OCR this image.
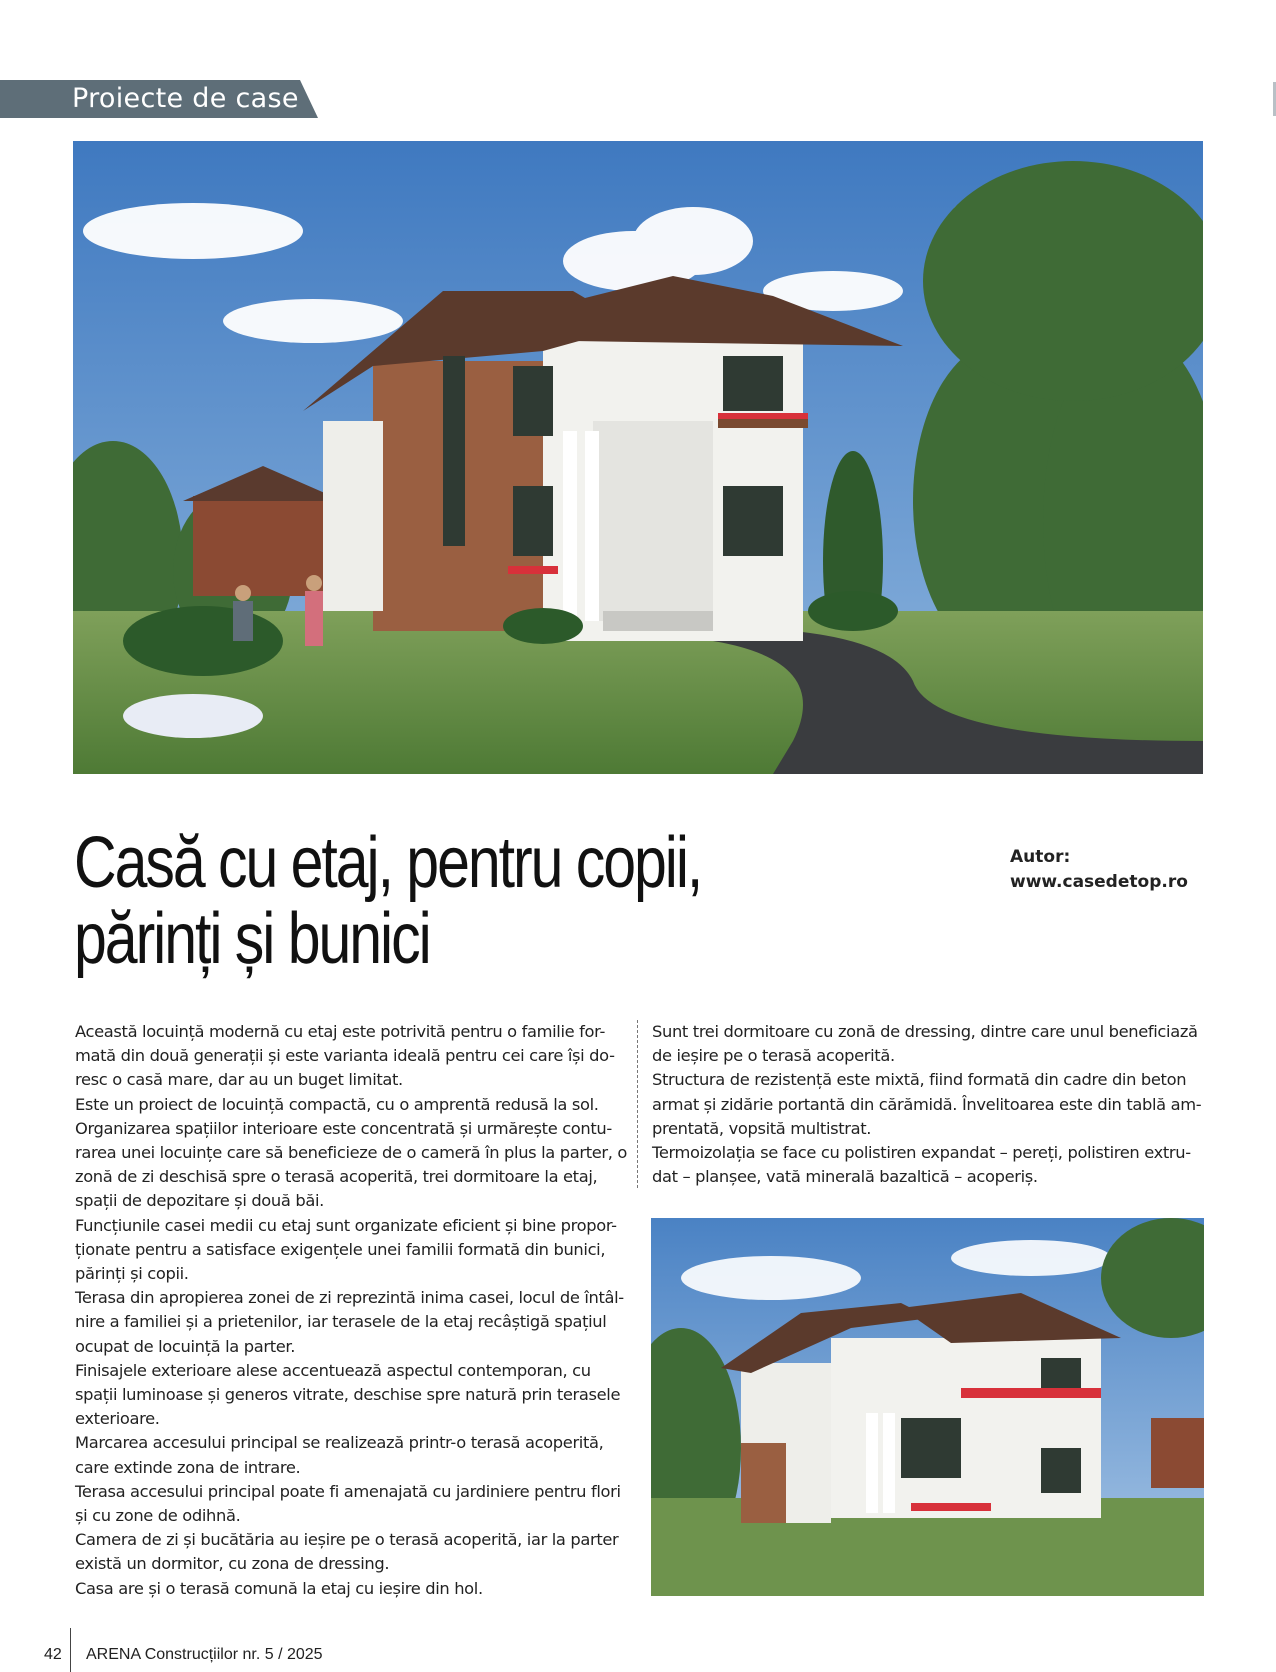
Proiecte de case
Casă cu etaj, pentru copii,
părinți și bunici
Autor:
www.casedetop.ro

Această locuință modernă cu etaj este potrivită pentru o familie for-

mată din două generații și este varianta ideală pentru cei care își do-

resc o casă mare, dar au un buget limitat.

Este un proiect de locuință compactă, cu o amprentă redusă la sol.

Organizarea spațiilor interioare este concentrată și urmărește contu-

rarea unei locuințe care să beneficieze de o cameră în plus la parter, o

zonă de zi deschisă spre o terasă acoperită, trei dormitoare la etaj,

spații de depozitare și două băi.

Funcțiunile casei medii cu etaj sunt organizate eficient și bine propor-

ționate pentru a satisface exigențele unei familii formată din bunici,

părinți și copii.

Terasa din apropierea zonei de zi reprezintă inima casei, locul de întâl-

nire a familiei și a prietenilor, iar terasele de la etaj recâștigă spațiul

ocupat de locuință la parter.

Finisajele exterioare alese accentuează aspectul contemporan, cu

spații luminoase și generos vitrate, deschise spre natură prin terasele

exterioare.

Marcarea accesului principal se realizează printr-o terasă acoperită,

care extinde zona de intrare.

Terasa accesului principal poate fi amenajată cu jardiniere pentru flori

și cu zone de odihnă.

Camera de zi și bucătăria au ieșire pe o terasă acoperită, iar la parter

există un dormitor, cu zona de dressing.

Casa are și o terasă comună la etaj cu ieșire din hol.

Sunt trei dormitoare cu zonă de dressing, dintre care unul beneficiază

de ieșire pe o terasă acoperită.

Structura de rezistență este mixtă, fiind formată din cadre din beton

armat și zidărie portantă din cărămidă. Învelitoarea este din tablă am-

prentată, vopsită multistrat.

Termoizolația se face cu polistiren expandat – pereți, polistiren extru-

dat – planșee, vată minerală bazaltică – acoperiș.

42 ARENA Construcțiilor nr. 5 / 2025
